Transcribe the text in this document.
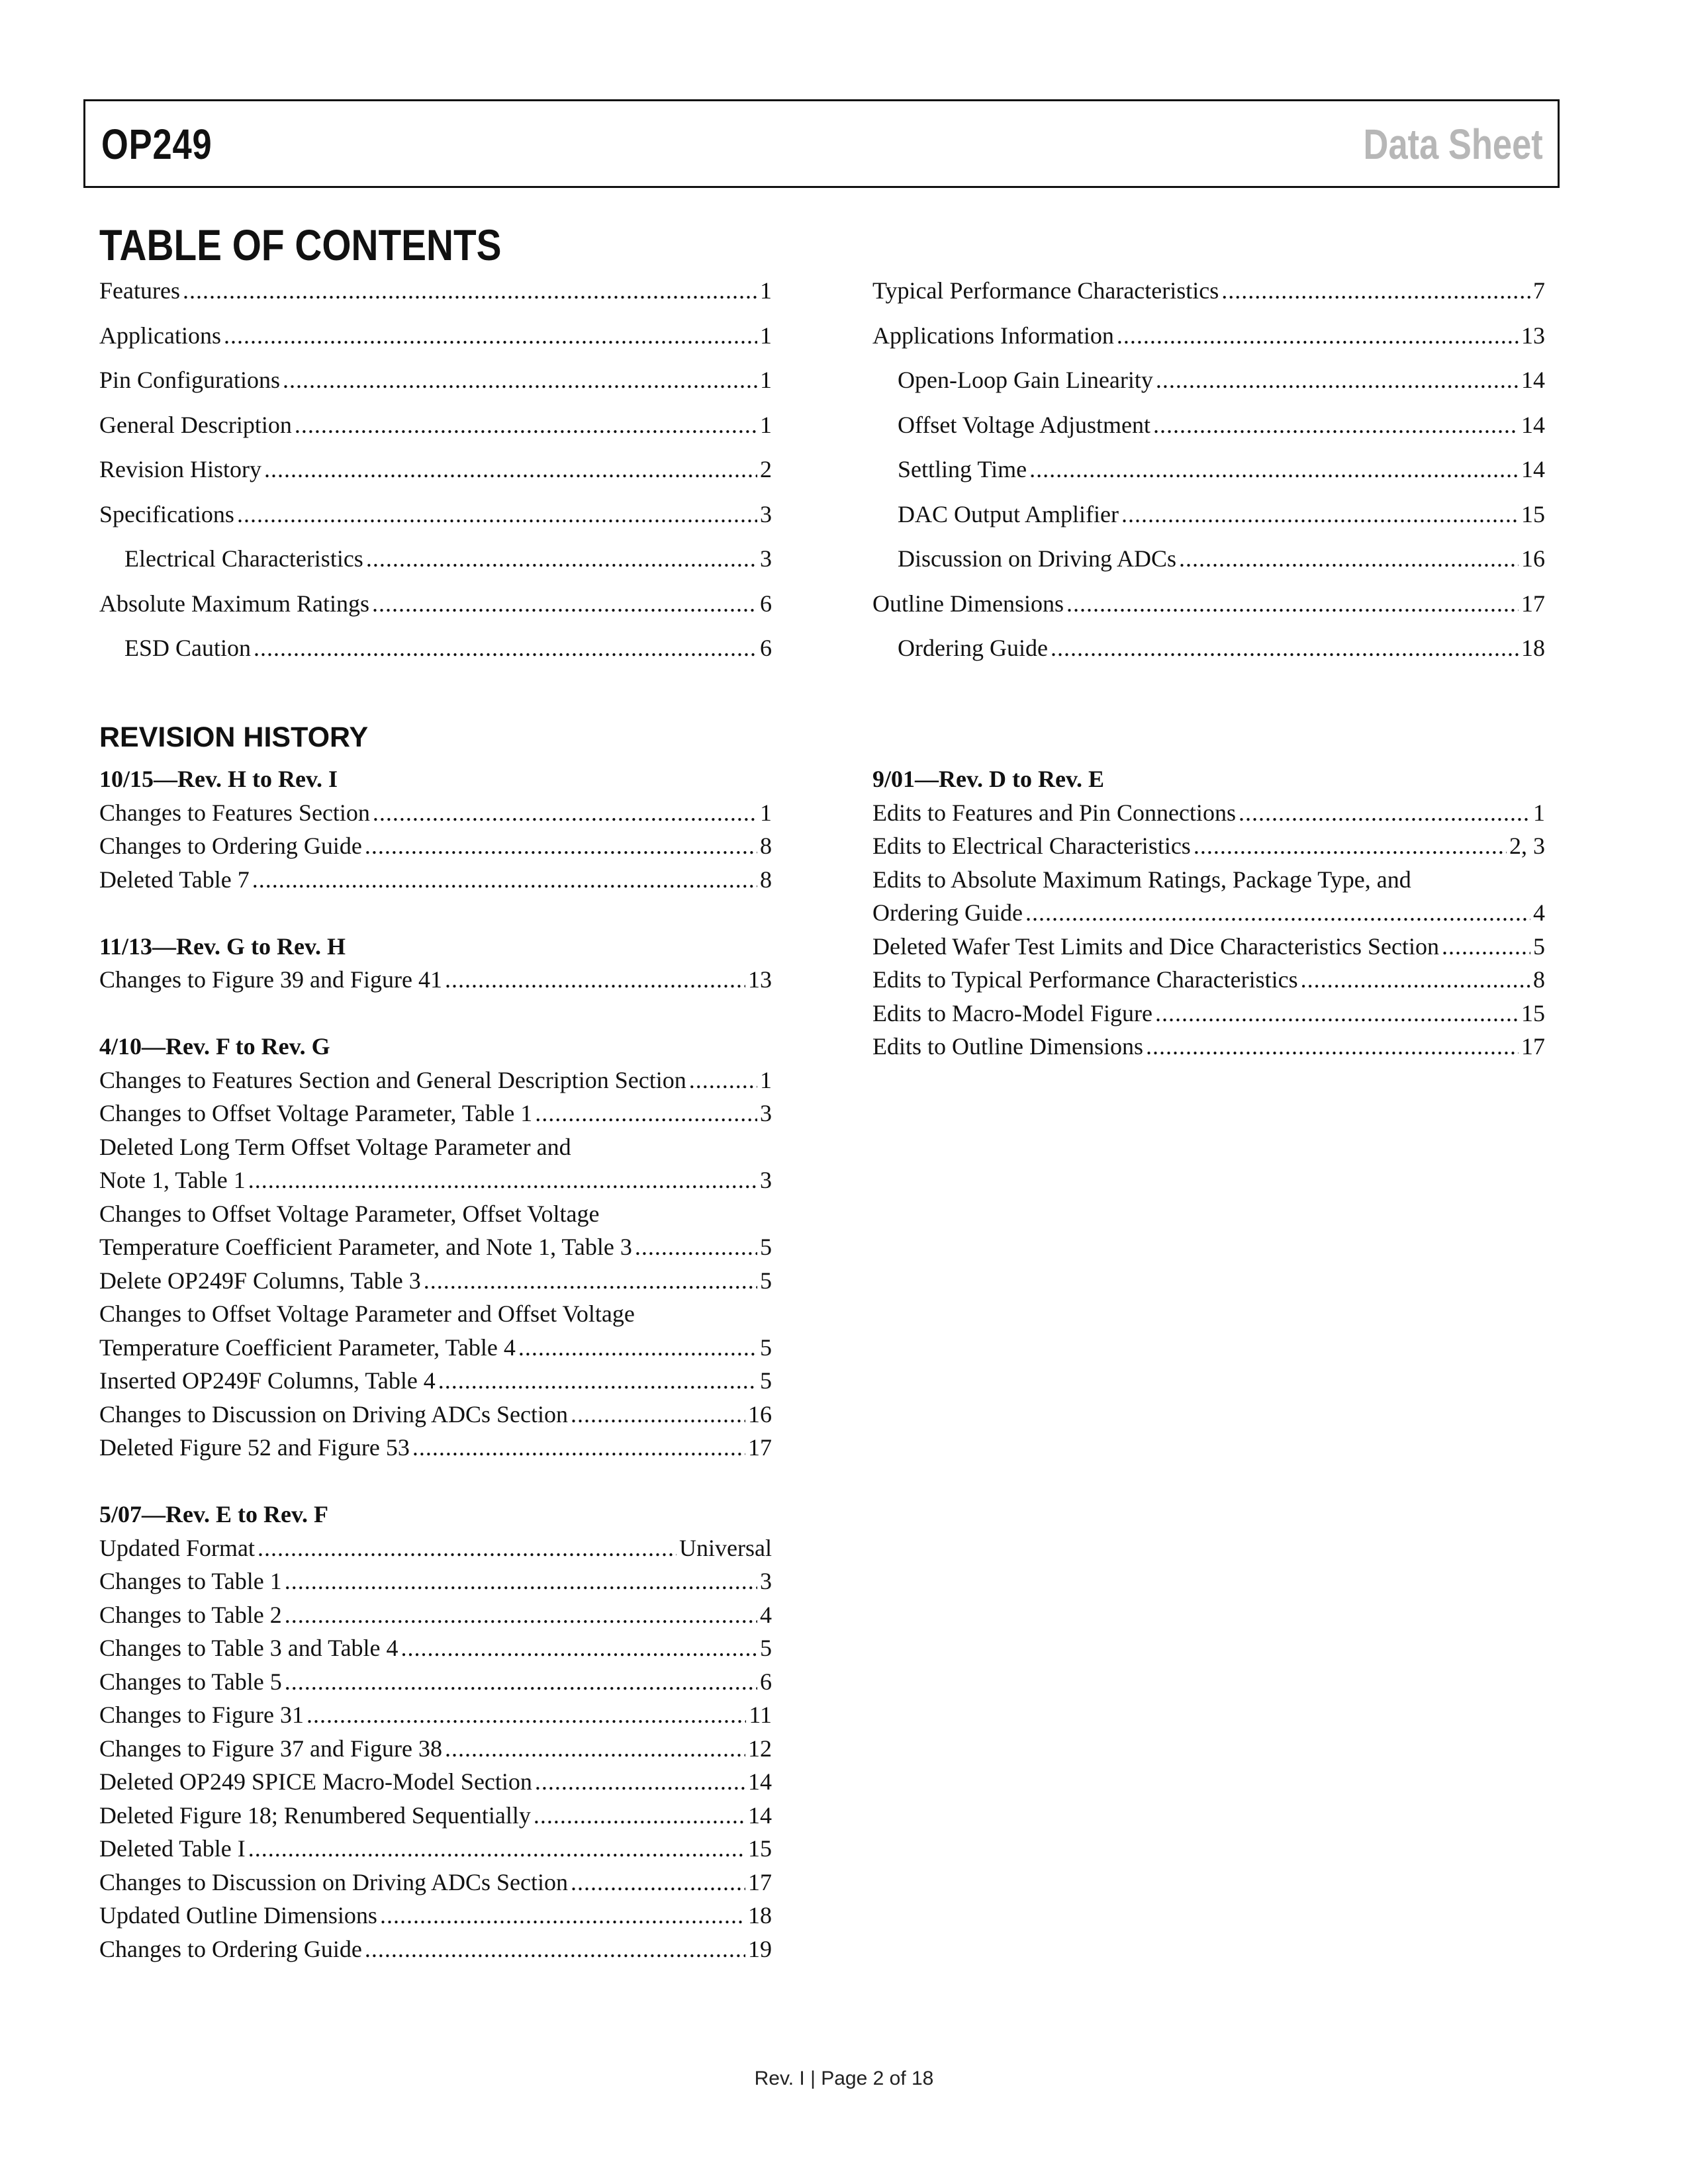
OP249	Data Sheet
TABLE OF CONTENTS
Features .....	1
Applications .....	1
Pin Configurations .....	1
General Description .....	1
Revision History .....	2
Specifications .....	3
Electrical Characteristics .....	3
Absolute Maximum Ratings .....	6
ESD Caution .....	6
Typical Performance Characteristics .....	7
Applications Information .....	13
Open-Loop Gain Linearity .....	14
Offset Voltage Adjustment .....	14
Settling Time .....	14
DAC Output Amplifier .....	15
Discussion on Driving ADCs .....	16
Outline Dimensions .....	17
Ordering Guide .....	18
REVISION HISTORY
10/15—Rev. H to Rev. I
Changes to Features Section .....	1
Changes to Ordering Guide .....	8
Deleted Table 7 .....	8
11/13—Rev. G to Rev. H
Changes to Figure 39 and Figure 41 .....	13
4/10—Rev. F to Rev. G
Changes to Features Section and General Description Section .....	1
Changes to Offset Voltage Parameter, Table 1 .....	3
Deleted Long Term Offset Voltage Parameter and
Note 1, Table 1 .....	3
Changes to Offset Voltage Parameter, Offset Voltage
Temperature Coefficient Parameter, and Note 1, Table 3 .....	5
Delete OP249F Columns, Table 3 .....	5
Changes to Offset Voltage Parameter and Offset Voltage
Temperature Coefficient Parameter, Table 4 .....	5
Inserted OP249F Columns, Table 4 .....	5
Changes to Discussion on Driving ADCs Section .....	16
Deleted Figure 52 and Figure 53 .....	17
5/07—Rev. E to Rev. F
Updated Format .....	Universal
Changes to Table 1 .....	3
Changes to Table 2 .....	4
Changes to Table 3 and Table 4 .....	5
Changes to Table 5 .....	6
Changes to Figure 31 .....	11
Changes to Figure 37 and Figure 38 .....	12
Deleted OP249 SPICE Macro-Model Section .....	14
Deleted Figure 18; Renumbered Sequentially .....	14
Deleted Table I .....	15
Changes to Discussion on Driving ADCs Section .....	17
Updated Outline Dimensions .....	18
Changes to Ordering Guide .....	19
9/01—Rev. D to Rev. E
Edits to Features and Pin Connections .....	1
Edits to Electrical Characteristics .....	2, 3
Edits to Absolute Maximum Ratings, Package Type, and
Ordering Guide .....	4
Deleted Wafer Test Limits and Dice Characteristics Section .....	5
Edits to Typical Performance Characteristics .....	8
Edits to Macro-Model Figure .....	15
Edits to Outline Dimensions .....	17
Rev. I | Page 2 of 18
